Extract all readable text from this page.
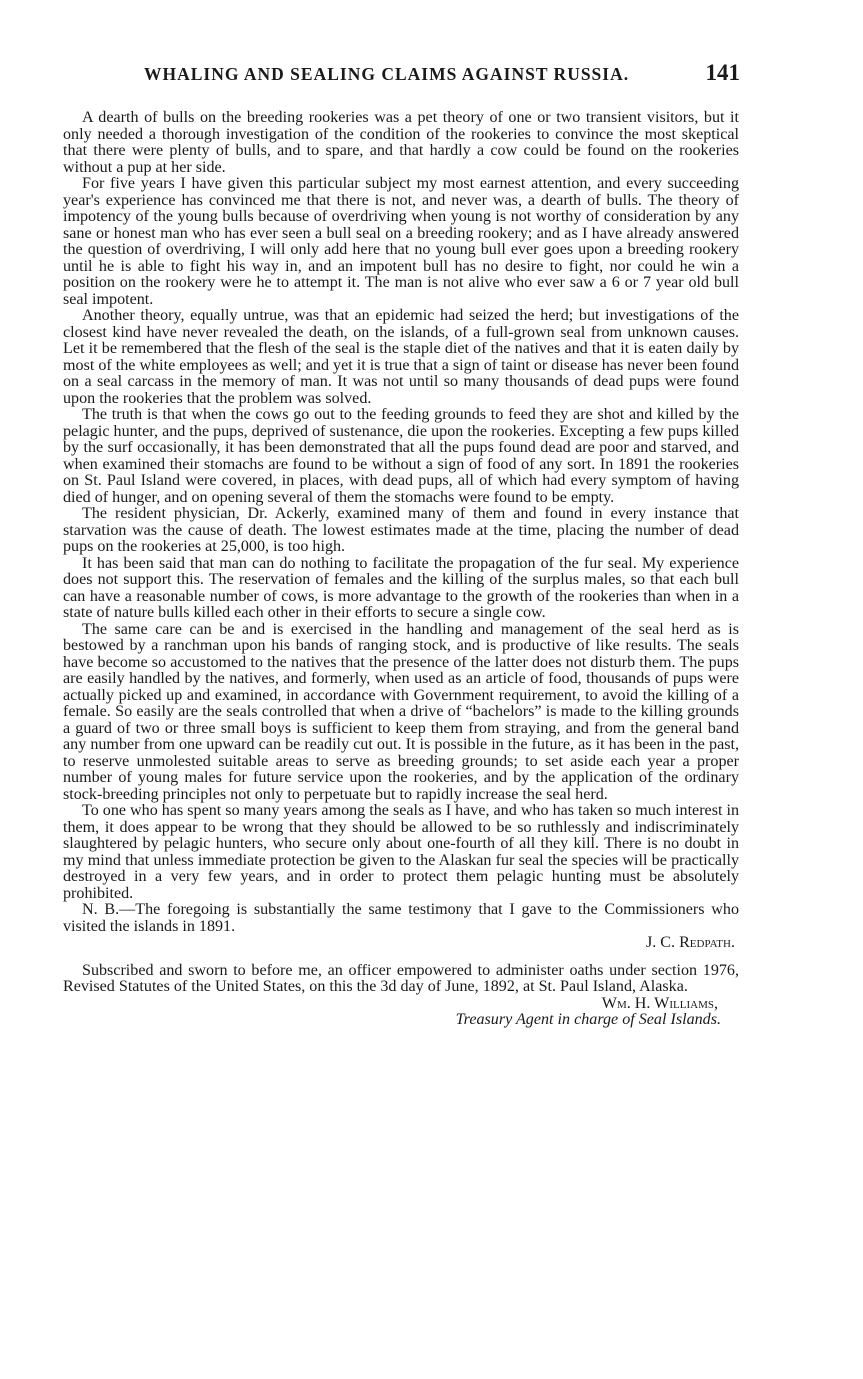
WHALING AND SEALING CLAIMS AGAINST RUSSIA.	141

A dearth of bulls on the breeding rookeries was a pet theory of one or two transient visitors, but it only needed a thorough investigation of the condition of the rookeries to convince the most skeptical that there were plenty of bulls, and to spare, and that hardly a cow could be found on the rookeries without a pup at her side.

For five years I have given this particular subject my most earnest attention, and every succeeding year's experience has convinced me that there is not, and never was, a dearth of bulls. The theory of impotency of the young bulls because of overdriving when young is not worthy of consideration by any sane or honest man who has ever seen a bull seal on a breeding rookery; and as I have already answered the question of overdriving, I will only add here that no young bull ever goes upon a breeding rookery until he is able to fight his way in, and an impotent bull has no desire to fight, nor could he win a position on the rookery were he to attempt it. The man is not alive who ever saw a 6 or 7 year old bull seal impotent.

Another theory, equally untrue, was that an epidemic had seized the herd; but investigations of the closest kind have never revealed the death, on the islands, of a full-grown seal from unknown causes. Let it be remembered that the flesh of the seal is the staple diet of the natives and that it is eaten daily by most of the white employees as well; and yet it is true that a sign of taint or disease has never been found on a seal carcass in the memory of man. It was not until so many thousands of dead pups were found upon the rookeries that the problem was solved.

The truth is that when the cows go out to the feeding grounds to feed they are shot and killed by the pelagic hunter, and the pups, deprived of sustenance, die upon the rookeries. Excepting a few pups killed by the surf occasionally, it has been demonstrated that all the pups found dead are poor and starved, and when examined their stomachs are found to be without a sign of food of any sort. In 1891 the rookeries on St. Paul Island were covered, in places, with dead pups, all of which had every symptom of having died of hunger, and on opening several of them the stomachs were found to be empty.

The resident physician, Dr. Ackerly, examined many of them and found in every instance that starvation was the cause of death. The lowest estimates made at the time, placing the number of dead pups on the rookeries at 25,000, is too high.

It has been said that man can do nothing to facilitate the propagation of the fur seal. My experience does not support this. The reservation of females and the killing of the surplus males, so that each bull can have a reasonable number of cows, is more advantage to the growth of the rookeries than when in a state of nature bulls killed each other in their efforts to secure a single cow.

The same care can be and is exercised in the handling and management of the seal herd as is bestowed by a ranchman upon his bands of ranging stock, and is productive of like results. The seals have become so accustomed to the natives that the presence of the latter does not disturb them. The pups are easily handled by the natives, and formerly, when used as an article of food, thousands of pups were actually picked up and examined, in accordance with Government requirement, to avoid the killing of a female. So easily are the seals controlled that when a drive of “bachelors” is made to the killing grounds a guard of two or three small boys is sufficient to keep them from straying, and from the general band any number from one upward can be readily cut out. It is possible in the future, as it has been in the past, to reserve unmolested suitable areas to serve as breeding grounds; to set aside each year a proper number of young males for future service upon the rookeries, and by the application of the ordinary stock-breeding principles not only to perpetuate but to rapidly increase the seal herd.

To one who has spent so many years among the seals as I have, and who has taken so much interest in them, it does appear to be wrong that they should be allowed to be so ruthlessly and indiscriminately slaughtered by pelagic hunters, who secure only about one-fourth of all they kill. There is no doubt in my mind that unless immediate protection be given to the Alaskan fur seal the species will be practically destroyed in a very few years, and in order to protect them pelagic hunting must be absolutely prohibited.

N. B.—The foregoing is substantially the same testimony that I gave to the Commissioners who visited the islands in 1891.

J. C. Redpath.

Subscribed and sworn to before me, an officer empowered to administer oaths under section 1976, Revised Statutes of the United States, on this the 3d day of June, 1892, at St. Paul Island, Alaska.

Wm. H. Williams,

Treasury Agent in charge of Seal Islands.
